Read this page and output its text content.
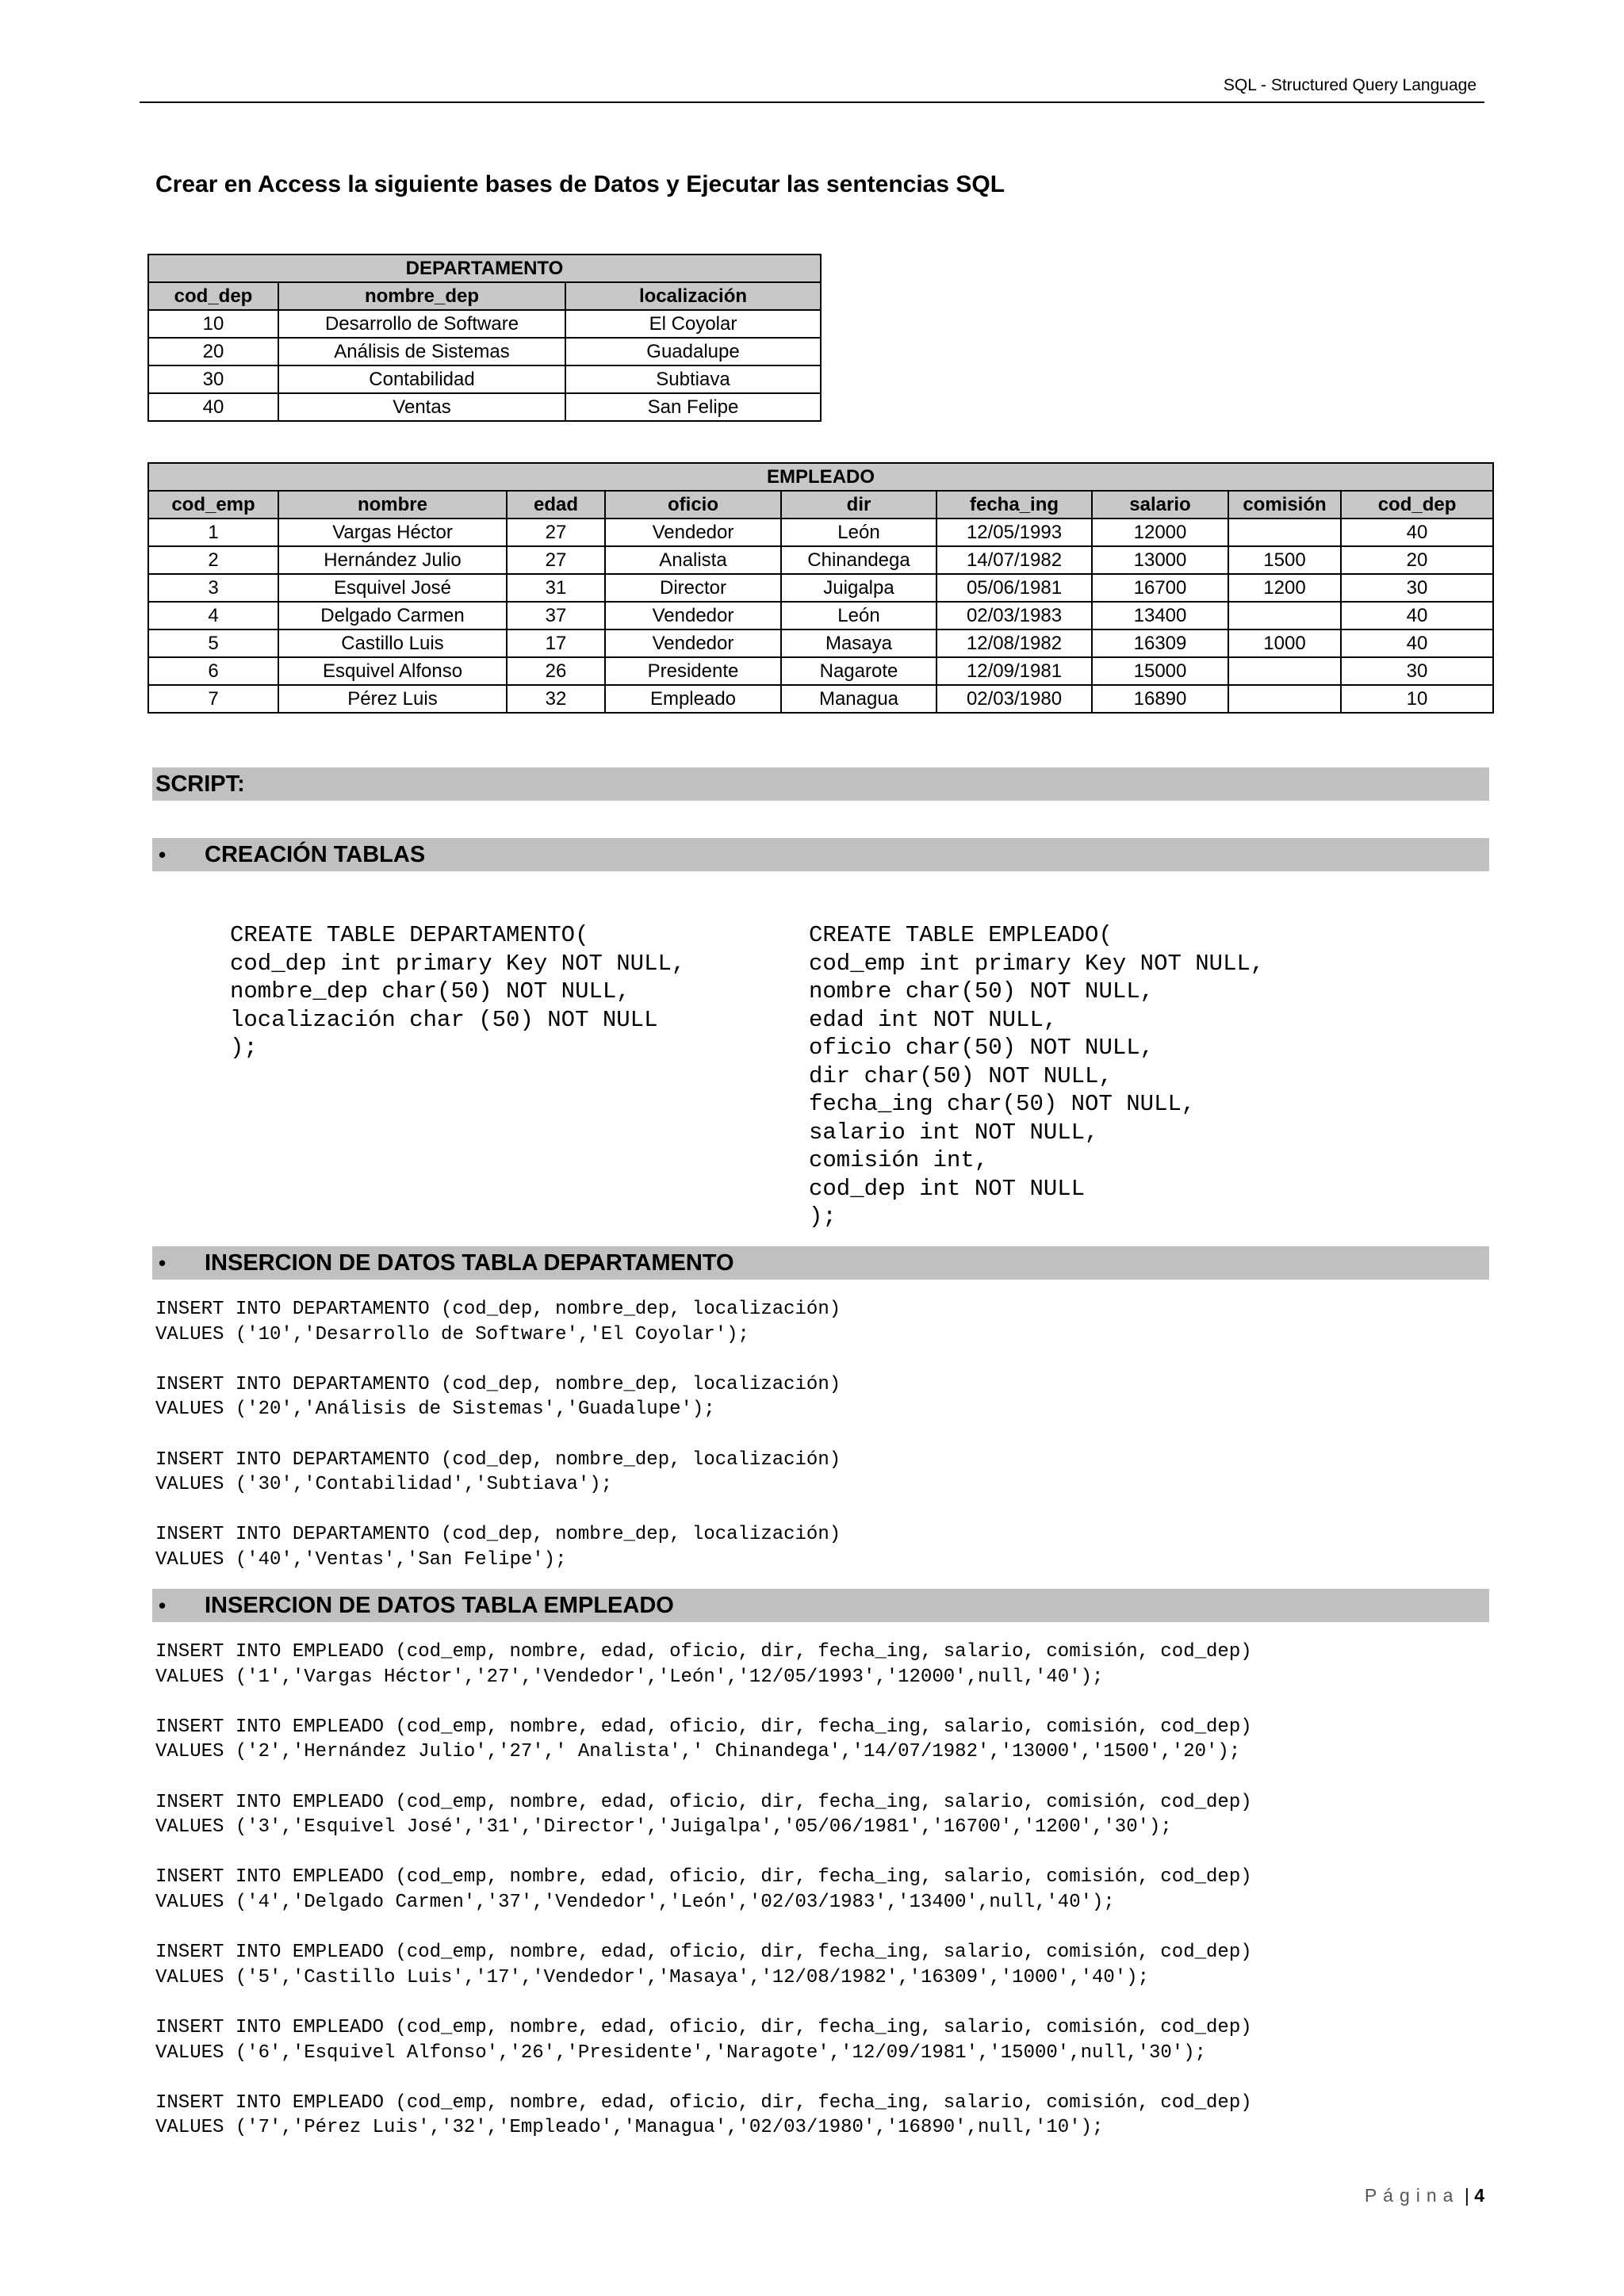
SQL - Structured Query Language
Crear en Access la siguiente bases de Datos y Ejecutar las sentencias SQL
DEPARTAMENTO		
cod_dep	nombre_dep	localización
10	Desarrollo de Software	El Coyolar
20	Análisis de Sistemas	Guadalupe
30	Contabilidad	Subtiava
40	Ventas	San Felipe
EMPLEADO								
cod_emp	nombre	edad	oficio	dir	fecha_ing	salario	comisión	cod_dep
1	Vargas Héctor	27	Vendedor	León	12/05/1993	12000		40
2	Hernández Julio	27	Analista	Chinandega	14/07/1982	13000	1500	20
3	Esquivel José	31	Director	Juigalpa	05/06/1981	16700	1200	30
4	Delgado Carmen	37	Vendedor	León	02/03/1983	13400		40
5	Castillo Luis	17	Vendedor	Masaya	12/08/1982	16309	1000	40
6	Esquivel Alfonso	26	Presidente	Nagarote	12/09/1981	15000		30
7	Pérez Luis	32	Empleado	Managua	02/03/1980	16890		10
SCRIPT:
• CREACIÓN TABLAS
CREATE TABLE DEPARTAMENTO(
cod_dep int primary Key NOT NULL,
nombre_dep char(50) NOT NULL,
localización char (50) NOT NULL
);
CREATE TABLE EMPLEADO(
cod_emp int primary Key NOT NULL,
nombre char(50) NOT NULL,
edad int NOT NULL,
oficio char(50) NOT NULL,
dir char(50) NOT NULL,
fecha_ing char(50) NOT NULL,
salario int NOT NULL,
comisión int,
cod_dep int NOT NULL
);
• INSERCION DE DATOS TABLA DEPARTAMENTO
INSERT INTO DEPARTAMENTO (cod_dep, nombre_dep, localización)
VALUES ('10','Desarrollo de Software','El Coyolar');

INSERT INTO DEPARTAMENTO (cod_dep, nombre_dep, localización)
VALUES ('20','Análisis de Sistemas','Guadalupe');

INSERT INTO DEPARTAMENTO (cod_dep, nombre_dep, localización)
VALUES ('30','Contabilidad','Subtiava');

INSERT INTO DEPARTAMENTO (cod_dep, nombre_dep, localización)
VALUES ('40','Ventas','San Felipe');
• INSERCION DE DATOS TABLA EMPLEADO
INSERT INTO EMPLEADO (cod_emp, nombre, edad, oficio, dir, fecha_ing, salario, comisión, cod_dep)
VALUES ('1','Vargas Héctor','27','Vendedor','León','12/05/1993','12000',null,'40');

INSERT INTO EMPLEADO (cod_emp, nombre, edad, oficio, dir, fecha_ing, salario, comisión, cod_dep)
VALUES ('2','Hernández Julio','27',' Analista',' Chinandega','14/07/1982','13000','1500','20');

INSERT INTO EMPLEADO (cod_emp, nombre, edad, oficio, dir, fecha_ing, salario, comisión, cod_dep)
VALUES ('3','Esquivel José','31','Director','Juigalpa','05/06/1981','16700','1200','30');

INSERT INTO EMPLEADO (cod_emp, nombre, edad, oficio, dir, fecha_ing, salario, comisión, cod_dep)
VALUES ('4','Delgado Carmen','37','Vendedor','León','02/03/1983','13400',null,'40');

INSERT INTO EMPLEADO (cod_emp, nombre, edad, oficio, dir, fecha_ing, salario, comisión, cod_dep)
VALUES ('5','Castillo Luis','17','Vendedor','Masaya','12/08/1982','16309','1000','40');

INSERT INTO EMPLEADO (cod_emp, nombre, edad, oficio, dir, fecha_ing, salario, comisión, cod_dep)
VALUES ('6','Esquivel Alfonso','26','Presidente','Naragote','12/09/1981','15000',null,'30');

INSERT INTO EMPLEADO (cod_emp, nombre, edad, oficio, dir, fecha_ing, salario, comisión, cod_dep)
VALUES ('7','Pérez Luis','32','Empleado','Managua','02/03/1980','16890',null,'10');
Página | 4
